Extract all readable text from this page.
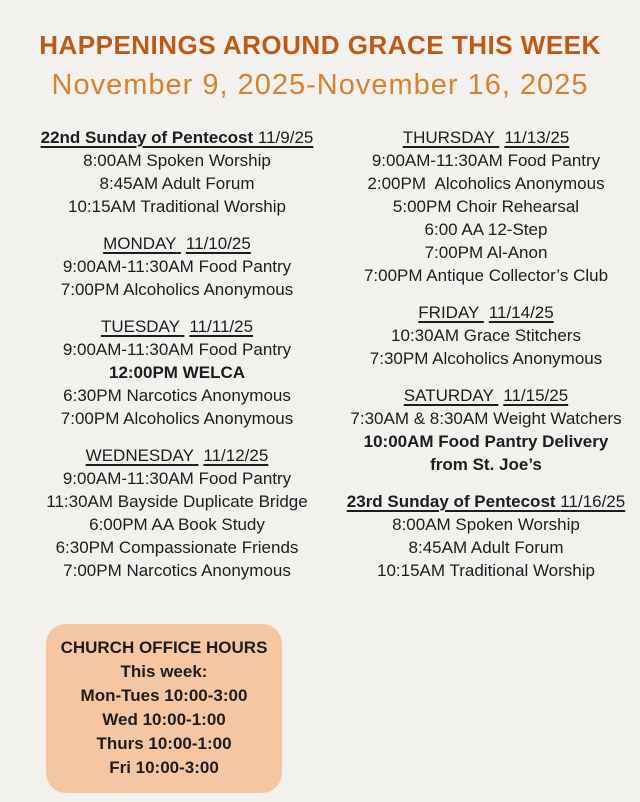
HAPPENINGS AROUND GRACE THIS WEEK
November 9, 2025-November 16, 2025
22nd Sunday of Pentecost 11/9/25
8:00AM Spoken Worship
8:45AM Adult Forum
10:15AM Traditional Worship
MONDAY 11/10/25
9:00AM-11:30AM Food Pantry
7:00PM Alcoholics Anonymous
TUESDAY 11/11/25
9:00AM-11:30AM Food Pantry
12:00PM WELCA
6:30PM Narcotics Anonymous
7:00PM Alcoholics Anonymous
WEDNESDAY 11/12/25
9:00AM-11:30AM Food Pantry
11:30AM Bayside Duplicate Bridge
6:00PM AA Book Study
6:30PM Compassionate Friends
7:00PM Narcotics Anonymous
THURSDAY 11/13/25
9:00AM-11:30AM Food Pantry
2:00PM  Alcoholics Anonymous
5:00PM Choir Rehearsal
6:00 AA 12-Step
7:00PM Al-Anon
7:00PM Antique Collector’s Club
FRIDAY 11/14/25
10:30AM Grace Stitchers
7:30PM Alcoholics Anonymous
SATURDAY 11/15/25
7:30AM & 8:30AM Weight Watchers
10:00AM Food Pantry Delivery
from St. Joe’s
23rd Sunday of Pentecost 11/16/25
8:00AM Spoken Worship
8:45AM Adult Forum
10:15AM Traditional Worship
CHURCH OFFICE HOURS
This week:
Mon-Tues 10:00-3:00
Wed 10:00-1:00
Thurs 10:00-1:00
Fri 10:00-3:00
